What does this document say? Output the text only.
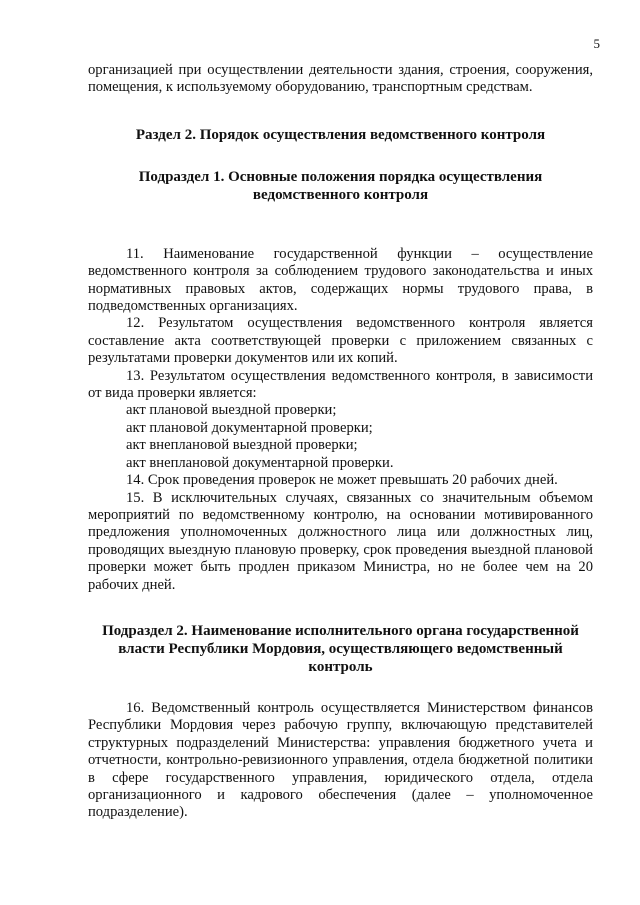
5

организацией при осуществлении деятельности здания, строения, сооружения, помещения, к используемому оборудованию, транспортным средствам.

Раздел 2. Порядок осуществления ведомственного контроля

Подраздел 1. Основные положения порядка осуществления ведомственного контроля

11. Наименование государственной функции – осуществление ведомственного контроля за соблюдением трудового законодательства и иных нормативных правовых актов, содержащих нормы трудового права, в подведомственных организациях.

12. Результатом осуществления ведомственного контроля является составление акта соответствующей проверки с приложением связанных с результатами проверки документов или их копий.

13. Результатом осуществления ведомственного контроля, в зависимости от вида проверки является:

акт плановой выездной проверки;

акт плановой документарной проверки;

акт внеплановой выездной проверки;

акт внеплановой документарной проверки.

14. Срок проведения проверок не может превышать 20 рабочих дней.

15. В исключительных случаях, связанных со значительным объемом мероприятий по ведомственному контролю, на основании мотивированного предложения уполномоченных должностного лица или должностных лиц, проводящих выездную плановую проверку, срок проведения выездной плановой проверки может быть продлен приказом Министра, но не более чем на 20 рабочих дней.

Подраздел 2. Наименование исполнительного органа государственной власти Республики Мордовия, осуществляющего ведомственный контроль

16. Ведомственный контроль осуществляется Министерством финансов Республики Мордовия через рабочую группу, включающую представителей структурных подразделений Министерства: управления бюджетного учета и отчетности, контрольно-ревизионного управления, отдела бюджетной политики в сфере государственного управления, юридического отдела, отдела организационного и кадрового обеспечения (далее – уполномоченное подразделение).
